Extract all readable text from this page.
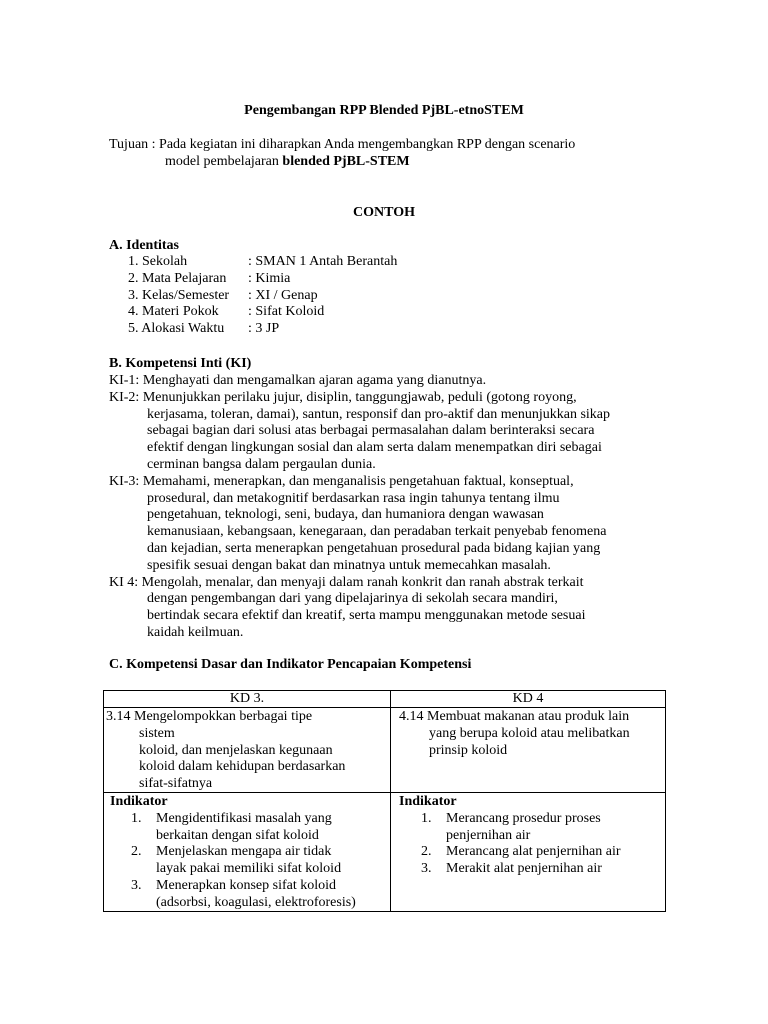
Pengembangan RPP Blended PjBL-etnoSTEM
Tujuan : Pada kegiatan ini diharapkan Anda mengembangkan RPP dengan scenario
model pembelajaran blended PjBL-STEM
CONTOH
A. Identitas
1. Sekolah	: SMAN 1 Antah Berantah
2. Mata Pelajaran : Kimia
3. Kelas/Semester : XI / Genap
4. Materi Pokok : Sifat Koloid
5. Alokasi Waktu : 3 JP
B. Kompetensi Inti (KI)
KI-1: Menghayati dan mengamalkan ajaran agama yang dianutnya.
KI-2: Menunjukkan perilaku jujur, disiplin, tanggungjawab, peduli (gotong royong,
kerjasama, toleran, damai), santun, responsif dan pro-aktif dan menunjukkan sikap
sebagai bagian dari solusi atas berbagai permasalahan dalam berinteraksi secara
efektif dengan lingkungan sosial dan alam serta dalam menempatkan diri sebagai
cerminan bangsa dalam pergaulan dunia.
KI-3: Memahami, menerapkan, dan menganalisis pengetahuan faktual, konseptual,
prosedural, dan metakognitif berdasarkan rasa ingin tahunya tentang ilmu
pengetahuan, teknologi, seni, budaya, dan humaniora dengan wawasan
kemanusiaan, kebangsaan, kenegaraan, dan peradaban terkait penyebab fenomena
dan kejadian, serta menerapkan pengetahuan prosedural pada bidang kajian yang
spesifik sesuai dengan bakat dan minatnya untuk memecahkan masalah.
KI 4: Mengolah, menalar, dan menyaji dalam ranah konkrit dan ranah abstrak terkait
dengan pengembangan dari yang dipelajarinya di sekolah secara mandiri,
bertindak secara efektif dan kreatif, serta mampu menggunakan metode sesuai
kaidah keilmuan.
C. Kompetensi Dasar dan Indikator Pencapaian Kompetensi
KD 3.	KD 4
3.14 Mengelompokkan berbagai tipe
sistem
koloid, dan menjelaskan kegunaan
koloid dalam kehidupan berdasarkan
sifat-sifatnya
4.14 Membuat makanan atau produk lain
yang berupa koloid atau melibatkan
prinsip koloid
Indikator
1. Mengidentifikasi masalah yang
berkaitan dengan sifat koloid
2. Menjelaskan mengapa air tidak
layak pakai memiliki sifat koloid
3. Menerapkan konsep sifat koloid
(adsorbsi, koagulasi, elektroforesis)
Indikator
1. Merancang prosedur proses
penjernihan air
2. Merancang alat penjernihan air
3. Merakit alat penjernihan air
